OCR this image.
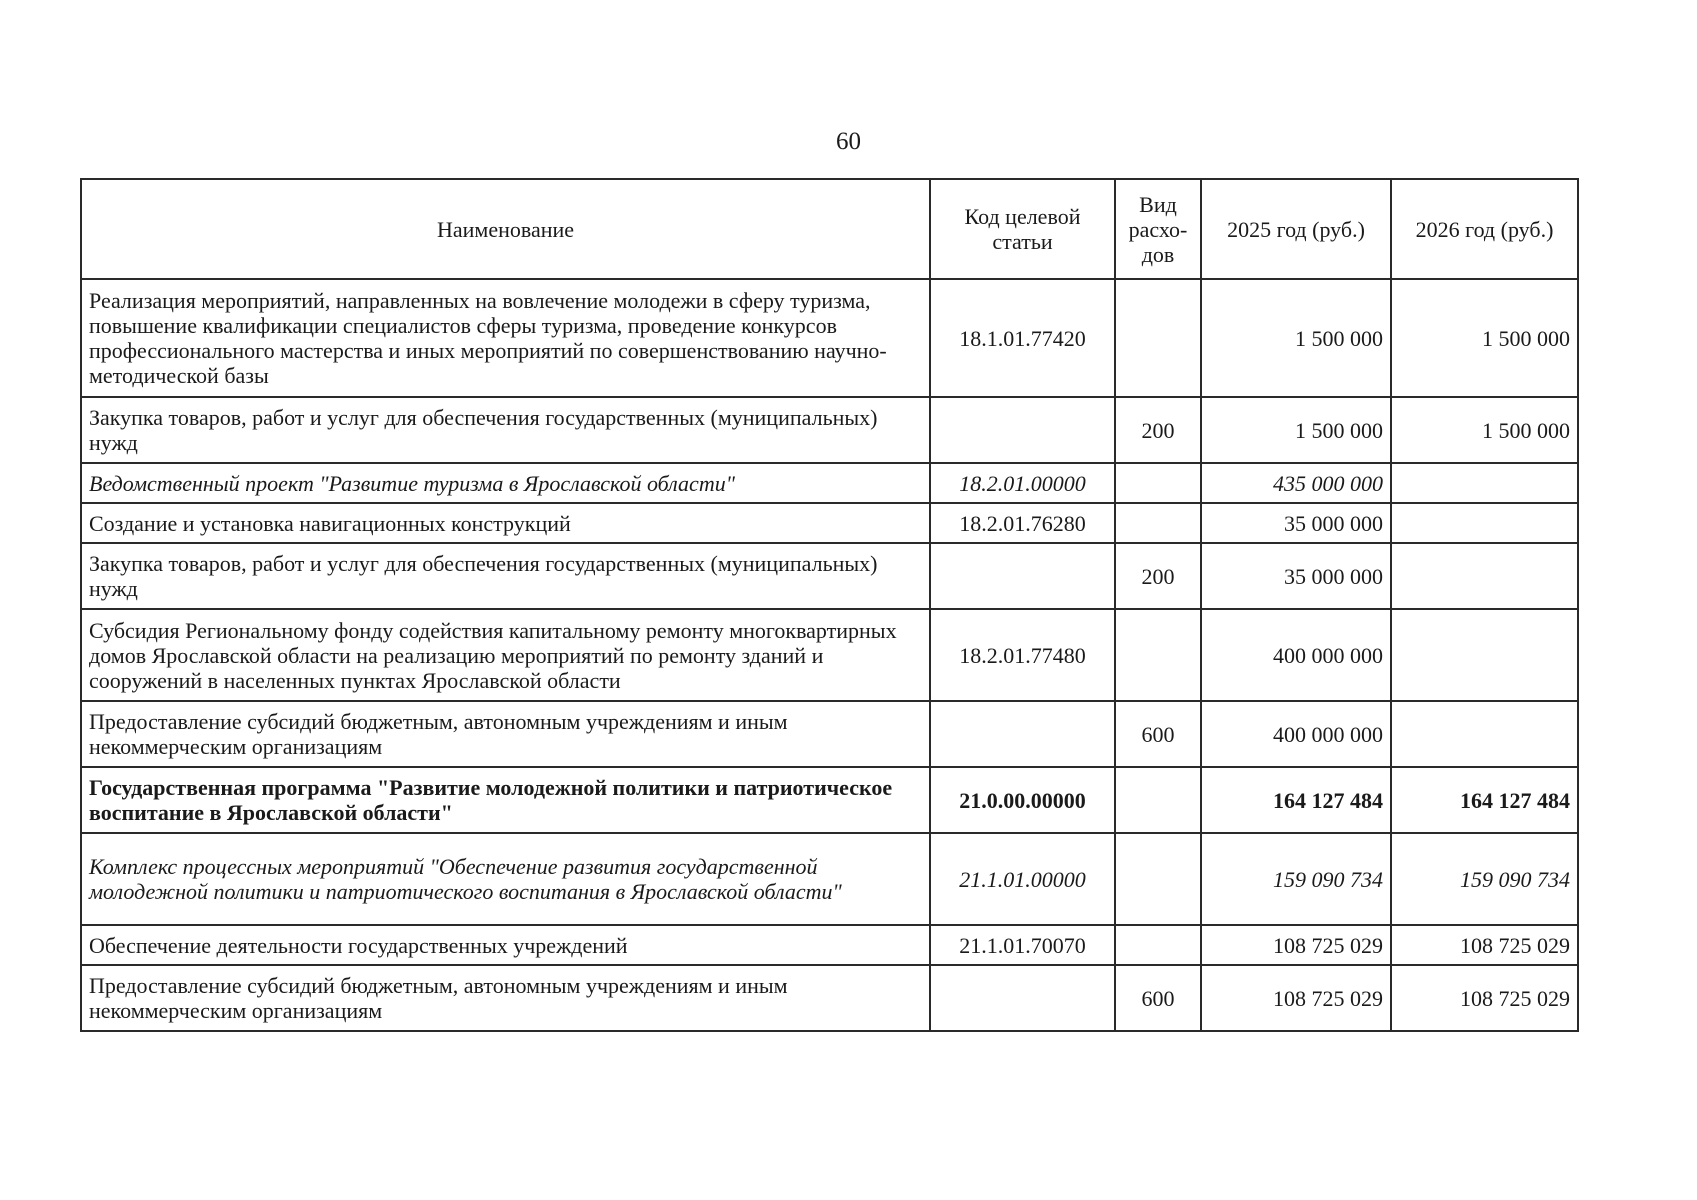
60
Наименование	Код целевой статьи	Вид расхо-дов	2025 год (руб.)	2026 год (руб.)
Реализация мероприятий, направленных на вовлечение молодежи в сферу туризма, повышение квалификации специалистов сферы туризма, проведение конкурсов профессионального мастерства и иных мероприятий по совершенствованию научно-методической базы	18.1.01.77420		1 500 000	1 500 000
Закупка товаров, работ и услуг для обеспечения государственных (муниципальных) нужд		200	1 500 000	1 500 000
Ведомственный проект "Развитие туризма в Ярославской области"	18.2.01.00000		435 000 000	
Создание и установка навигационных конструкций	18.2.01.76280		35 000 000	
Закупка товаров, работ и услуг для обеспечения государственных (муниципальных) нужд		200	35 000 000	
Субсидия Региональному фонду содействия капитальному ремонту многоквартирных домов Ярославской области на реализацию мероприятий по ремонту зданий и сооружений в населенных пунктах Ярославской области	18.2.01.77480		400 000 000	
Предоставление субсидий бюджетным, автономным учреждениям и иным некоммерческим организациям		600	400 000 000	
Государственная программа "Развитие молодежной политики и патриотическое воспитание в Ярославской области"	21.0.00.00000		164 127 484	164 127 484
Комплекс процессных мероприятий "Обеспечение развития государственной молодежной политики и патриотического воспитания в Ярославской области"	21.1.01.00000		159 090 734	159 090 734
Обеспечение деятельности государственных учреждений	21.1.01.70070		108 725 029	108 725 029
Предоставление субсидий бюджетным, автономным учреждениям и иным некоммерческим организациям		600	108 725 029	108 725 029
